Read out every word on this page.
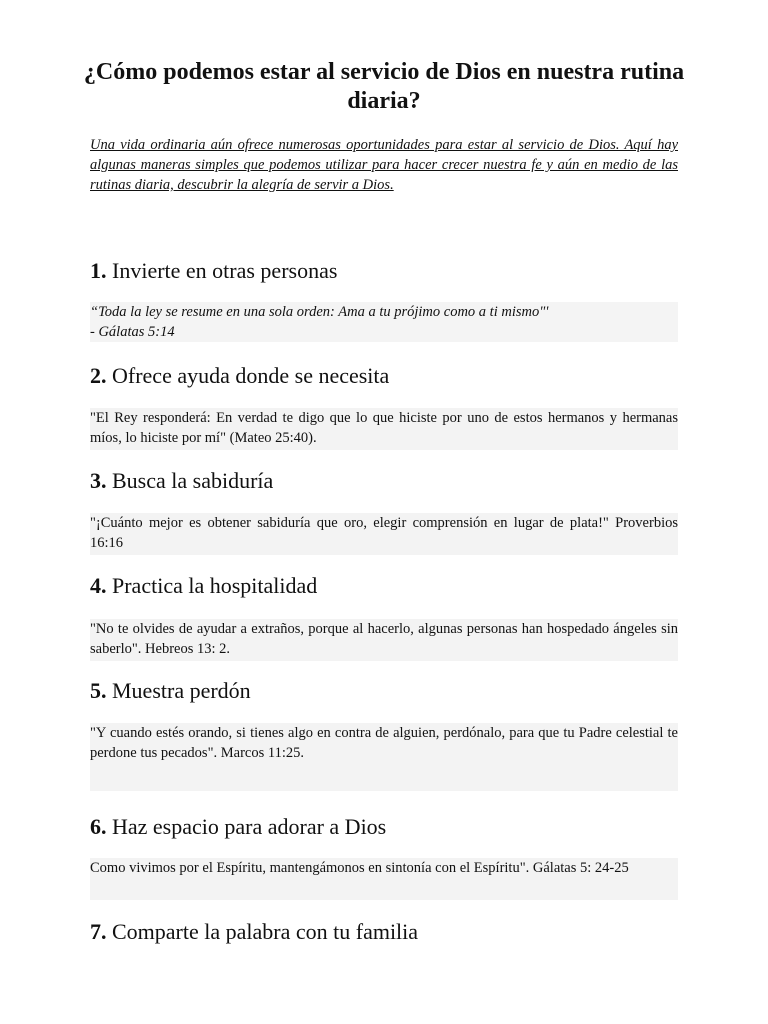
¿Cómo podemos estar al servicio de Dios en nuestra rutina diaria?

Una vida ordinaria aún ofrece numerosas oportunidades para estar al servicio de Dios. Aquí hay algunas maneras simples que podemos utilizar para hacer crecer nuestra fe y aún en medio de las rutinas diaria, descubrir la alegría de servir a Dios.

1. Invierte en otras personas
“Toda la ley se resume en una sola orden: Ama a tu prójimo como a ti mismo"'
- Gálatas 5:14
2. Ofrece ayuda donde se necesita
"El Rey responderá: En verdad te digo que lo que hiciste por uno de estos hermanos y hermanas míos, lo hiciste por mí" (Mateo 25:40).
3. Busca la sabiduría
"¡Cuánto mejor es obtener sabiduría que oro, elegir comprensión en lugar de plata!" Proverbios 16:16
4. Practica la hospitalidad
"No te olvides de ayudar a extraños, porque al hacerlo, algunas personas han hospedado ángeles sin saberlo". Hebreos 13: 2.
5. Muestra perdón
"Y cuando estés orando, si tienes algo en contra de alguien, perdónalo, para que tu Padre celestial te perdone tus pecados". Marcos 11:25.
6. Haz espacio para adorar a Dios
Como vivimos por el Espíritu, mantengámonos en sintonía con el Espíritu". Gálatas 5: 24-25
7. Comparte la palabra con tu familia
